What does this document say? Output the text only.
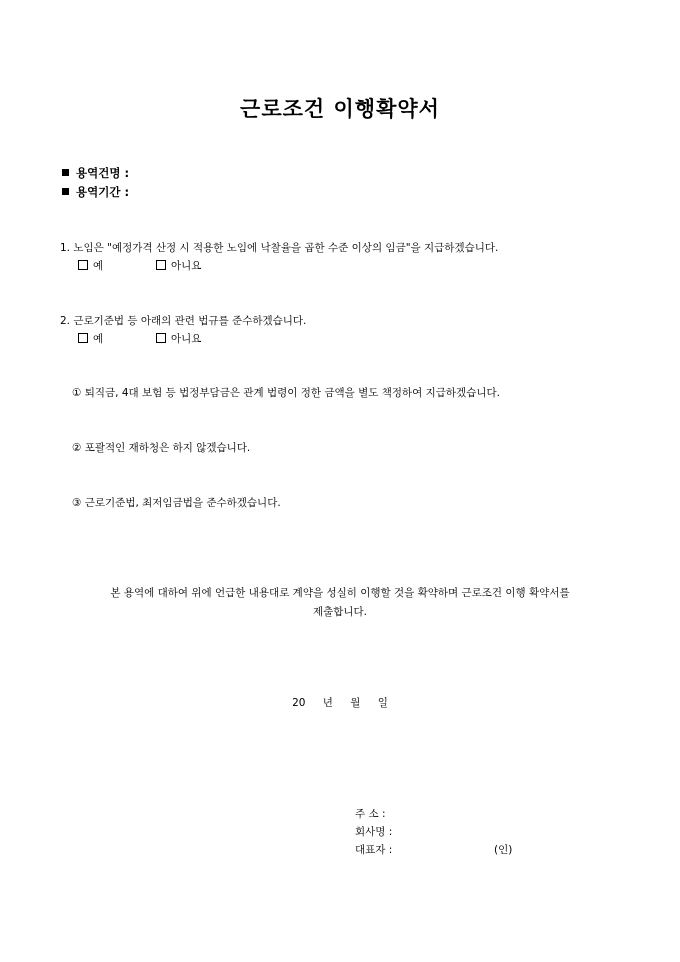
근로조건 이행확약서
용역건명 :
용역기간 :
1. 노임은 "예정가격 산정 시 적용한 노임에 낙찰율을 곱한 수준 이상의 임금"을 지급하겠습니다.
예	아니요
2. 근로기준법 등 아래의 관련 법규를 준수하겠습니다.
예	아니요
① 퇴직금, 4대 보험 등 법정부담금은 관계 법령이 정한 금액을 별도 책정하여 지급하겠습니다.
② 포괄적인 재하청은 하지 않겠습니다.
③ 근로기준법, 최저임금법을 준수하겠습니다.
본 용역에 대하여 위에 언급한 내용대로 계약을 성실히 이행할 것을 확약하며 근로조건 이행 확약서를
제출합니다.
20 년 월 일
주 소 :
회사명 :
대표자 :	(인)
